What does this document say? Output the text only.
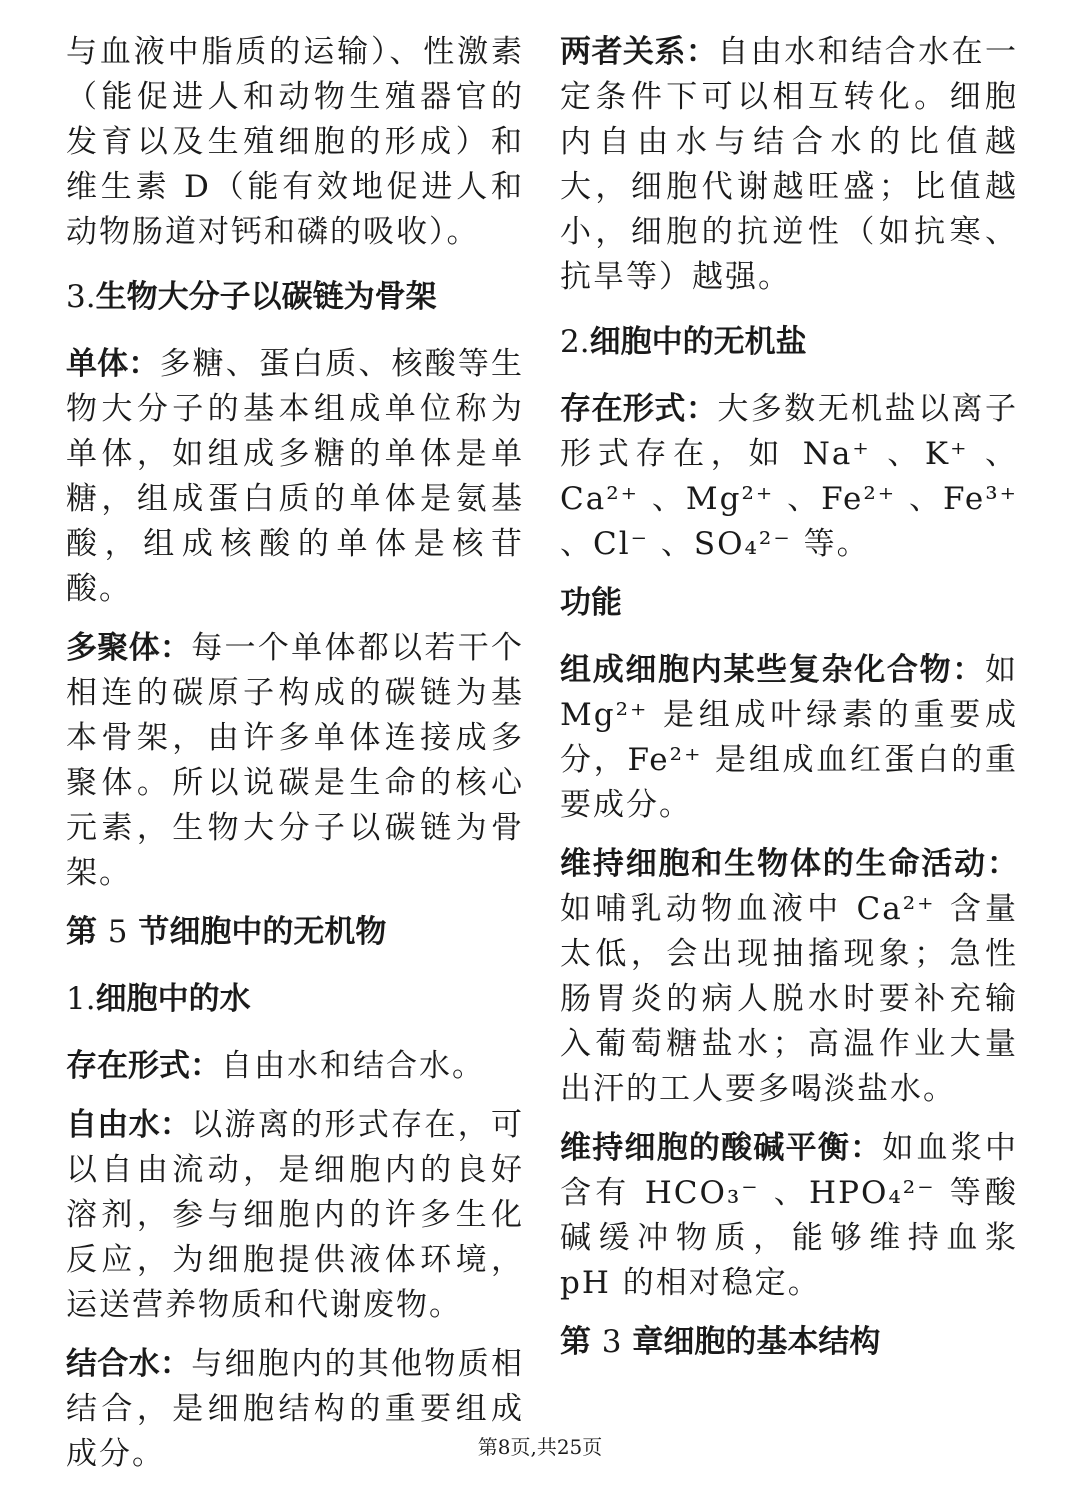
与血液中脂质的运输）、性激素（能促进人和动物生殖器官的发育以及生殖细胞的形成）和维生素 D（能有效地促进人和动物肠道对钙和磷的吸收）。

3.生物大分子以碳链为骨架

单体：多糖、蛋白质、核酸等生物大分子的基本组成单位称为单体，如组成多糖的单体是单糖，组成蛋白质的单体是氨基酸，组成核酸的单体是核苷酸。

多聚体：每一个单体都以若干个相连的碳原子构成的碳链为基本骨架，由许多单体连接成多聚体。所以说碳是生命的核心元素，生物大分子以碳链为骨架。

第 5 节细胞中的无机物
1.细胞中的水

存在形式：自由水和结合水。

自由水：以游离的形式存在，可以自由流动，是细胞内的良好溶剂，参与细胞内的许多生化反应，为细胞提供液体环境，运送营养物质和代谢废物。

结合水：与细胞内的其他物质相结合，是细胞结构的重要组成成分。

两者关系：自由水和结合水在一定条件下可以相互转化。细胞内自由水与结合水的比值越大，细胞代谢越旺盛；比值越小，细胞的抗逆性（如抗寒、抗旱等）越强。

2.细胞中的无机盐

存在形式：大多数无机盐以离子形式存在，如 Na⁺ 、K⁺ 、Ca²⁺ 、Mg²⁺ 、Fe²⁺ 、Fe³⁺ 、Cl⁻ 、SO₄²⁻ 等。

功能

组成细胞内某些复杂化合物：如 Mg²⁺ 是组成叶绿素的重要成分，Fe²⁺ 是组成血红蛋白的重要成分。

维持细胞和生物体的生命活动：如哺乳动物血液中 Ca²⁺ 含量太低，会出现抽搐现象；急性肠胃炎的病人脱水时要补充输入葡萄糖盐水；高温作业大量出汗的工人要多喝淡盐水。

维持细胞的酸碱平衡：如血浆中含有 HCO₃⁻ 、HPO₄²⁻ 等酸碱缓冲物质，能够维持血浆 pH 的相对稳定。

第 3 章细胞的基本结构
第8页,共25页
